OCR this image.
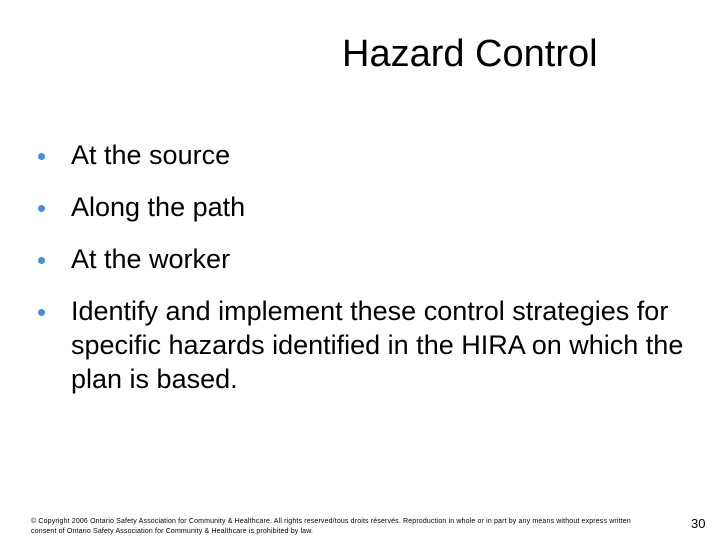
Hazard Control
At the source
Along the path
At the worker
Identify and implement these control strategies for specific hazards identified in the HIRA on which the plan is based.
© Copyright 2006 Ontario Safety Association for Community & Healthcare. All rights reserved/tous droits réservés. Reproduction in whole or in part by any means without express written consent of Ontario Safety Association for Community & Healthcare is prohibited by law.
30
